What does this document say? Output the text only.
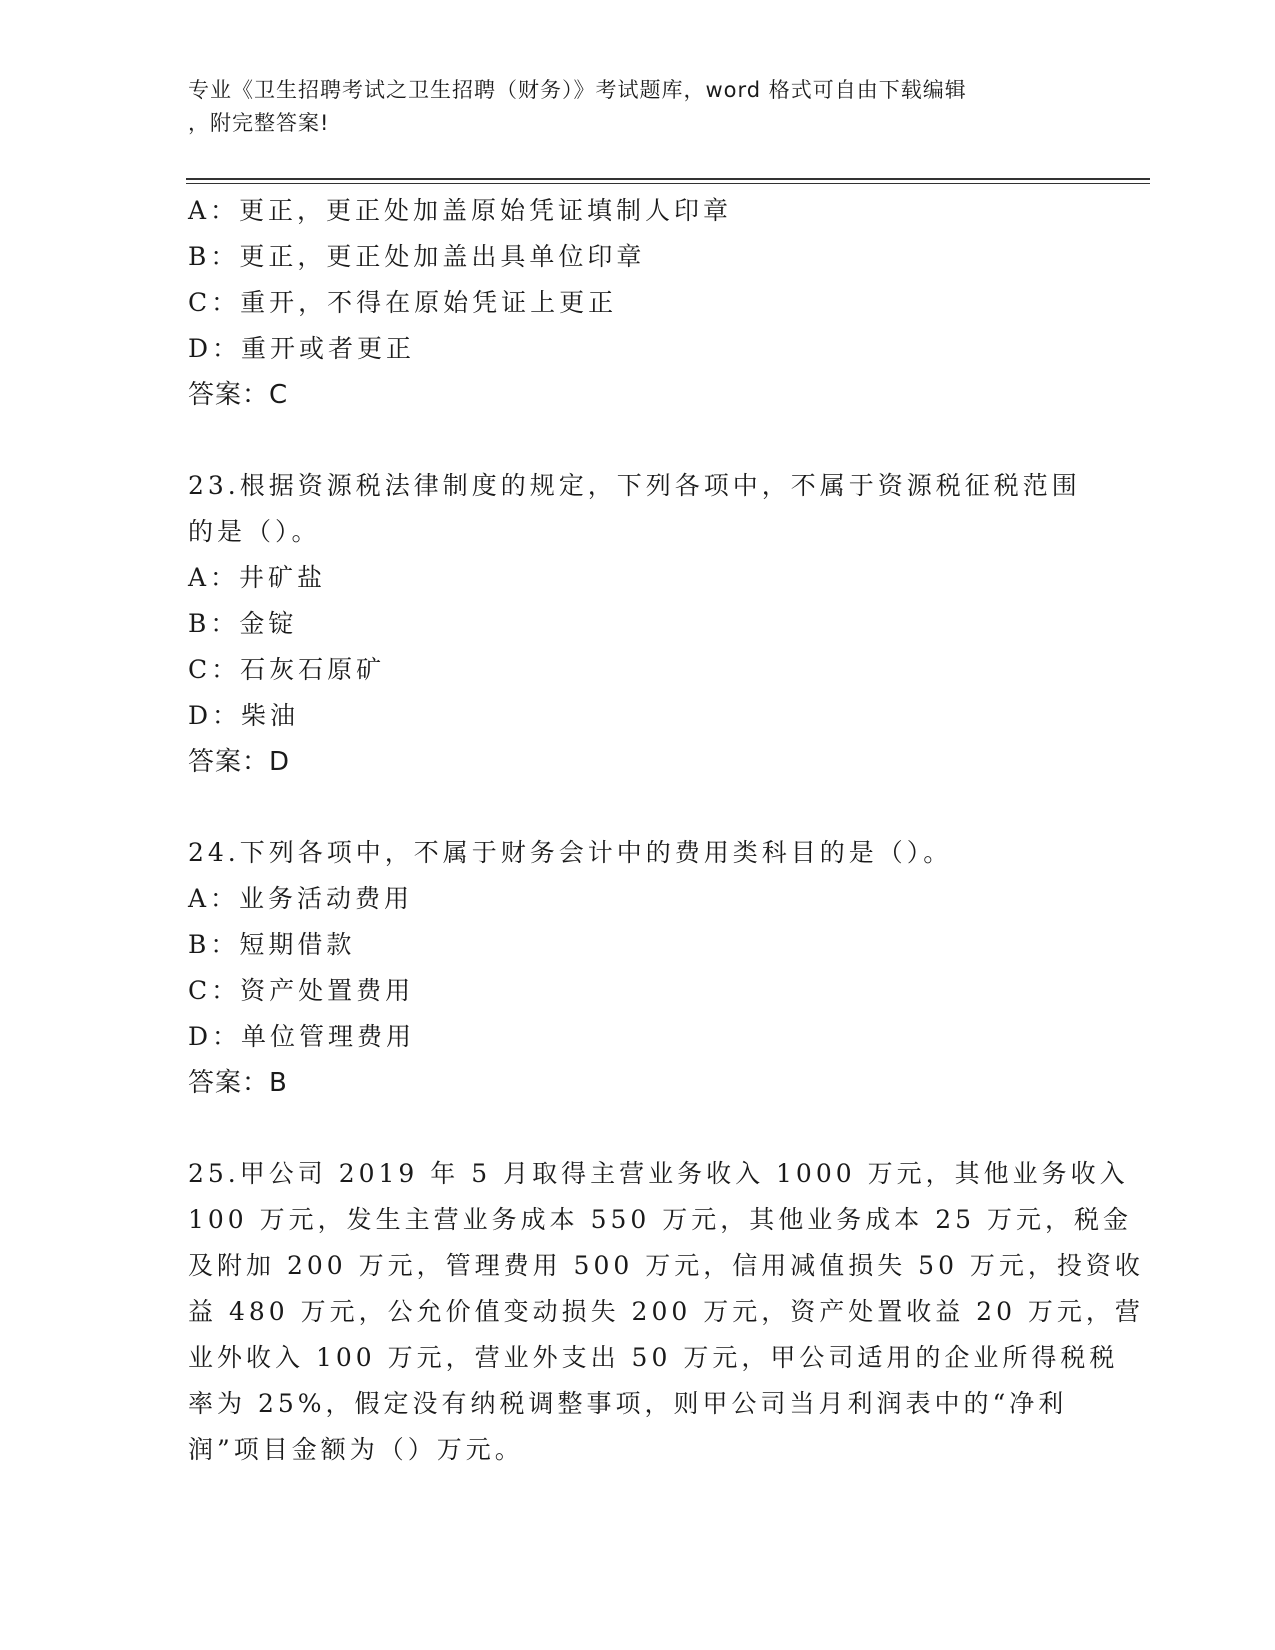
专业《卫生招聘考试之卫生招聘（财务）》考试题库，word 格式可自由下载编辑
，附完整答案!
A：更正，更正处加盖原始凭证填制人印章
B：更正，更正处加盖出具单位印章
C：重开，不得在原始凭证上更正
D：重开或者更正
答案：C
23.根据资源税法律制度的规定，下列各项中，不属于资源税征税范围
的是（）。
A：井矿盐
B：金锭
C：石灰石原矿
D：柴油
答案：D
24.下列各项中，不属于财务会计中的费用类科目的是（）。
A：业务活动费用
B：短期借款
C：资产处置费用
D：单位管理费用
答案：B
25.甲公司 2019 年 5 月取得主营业务收入 1000 万元，其他业务收入
100 万元，发生主营业务成本 550 万元，其他业务成本 25 万元，税金
及附加 200 万元，管理费用 500 万元，信用减值损失 50 万元，投资收
益 480 万元，公允价值变动损失 200 万元，资产处置收益 20 万元，营
业外收入 100 万元，营业外支出 50 万元，甲公司适用的企业所得税税
率为 25%，假定没有纳税调整事项，则甲公司当月利润表中的“净利
润”项目金额为（）万元。
